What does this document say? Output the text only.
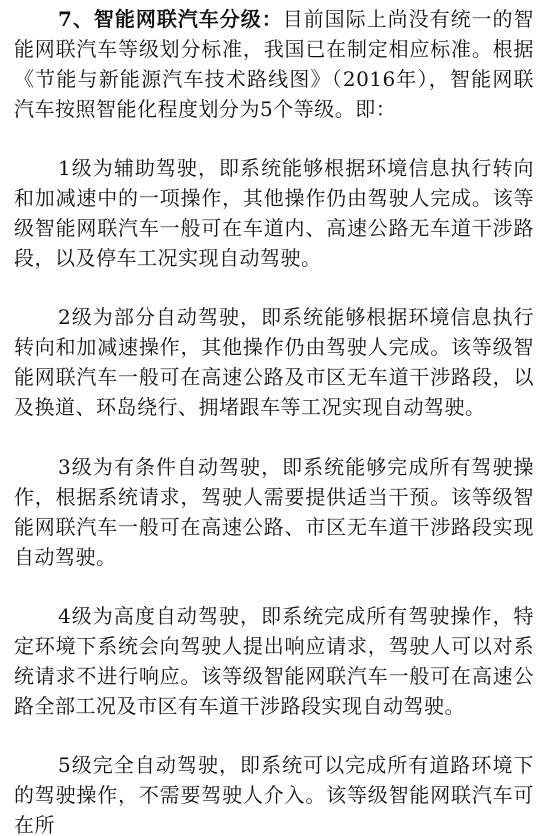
7、智能网联汽车分级：目前国际上尚没有统一的智能网联汽车等级划分标准，我国已在制定相应标准。根据《节能与新能源汽车技术路线图》（2016年），智能网联汽车按照智能化程度划分为5个等级。即：

1级为辅助驾驶，即系统能够根据环境信息执行转向和加减速中的一项操作，其他操作仍由驾驶人完成。该等级智能网联汽车一般可在车道内、高速公路无车道干涉路段，以及停车工况实现自动驾驶。

2级为部分自动驾驶，即系统能够根据环境信息执行转向和加减速操作，其他操作仍由驾驶人完成。该等级智能网联汽车一般可在高速公路及市区无车道干涉路段，以及换道、环岛绕行、拥堵跟车等工况实现自动驾驶。

3级为有条件自动驾驶，即系统能够完成所有驾驶操作，根据系统请求，驾驶人需要提供适当干预。该等级智能网联汽车一般可在高速公路、市区无车道干涉路段实现自动驾驶。

4级为高度自动驾驶，即系统完成所有驾驶操作，特定环境下系统会向驾驶人提出响应请求，驾驶人可以对系统请求不进行响应。该等级智能网联汽车一般可在高速公路全部工况及市区有车道干涉路段实现自动驾驶。

5级完全自动驾驶，即系统可以完成所有道路环境下的驾驶操作，不需要驾驶人介入。该等级智能网联汽车可在所
